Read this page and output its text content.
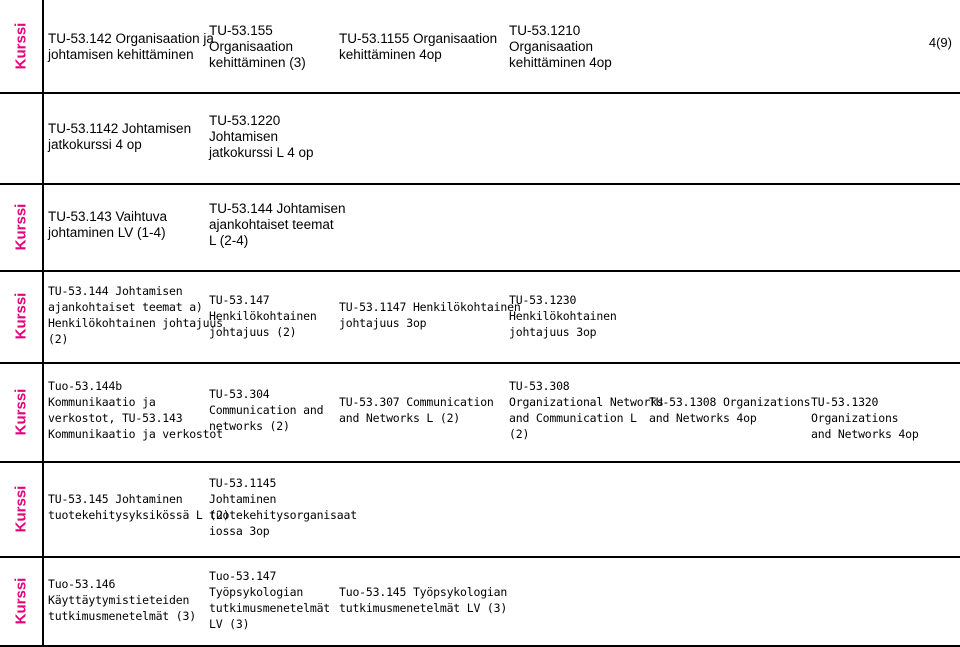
Kurssi TU-53.142 Organisaation ja
johtamisen kehittäminen
TU-53.155
Organisaation
kehittäminen (3)
TU-53.1155 Organisaation
kehittäminen 4op
TU-53.1210
Organisaation
kehittäminen 4op
4(9)
TU-53.1142 Johtamisen
jatkokurssi 4 op
TU-53.1220
Johtamisen
jatkokurssi L 4 op
Kurssi TU-53.143 Vaihtuva
johtaminen LV (1-4)
TU-53.144 Johtamisen
ajankohtaiset teemat
L (2-4)
Kurssi
TU-53.144 Johtamisen
ajankohtaiset teemat a)
Henkilökohtainen johtajuus
(2)
TU-53.147
Henkilökohtainen
johtajuus (2)
TU-53.1147 Henkilökohtainen
johtajuus 3op
TU-53.1230
Henkilökohtainen
johtajuus 3op
Kurssi
Tuo-53.144b
Kommunikaatio ja
verkostot, TU-53.143
Kommunikaatio ja verkostot
TU-53.304
Communication and
networks (2)
TU-53.307 Communication
and Networks L (2)
TU-53.308
Organizational Networks
and Communication L
(2)
TU-53.1308 Organizations
and Networks 4op
TU-53.1320 Organizations
and Networks 4op
Kurssi TU-53.145 Johtaminen
tuotekehitysyksikössä L (2)
TU-53.1145
Johtaminen
tuotekehitysorganisaat
iossa 3op
Kurssi Tuo-53.146
Käyttäytymistieteiden
tutkimusmenetelmät (3)
Tuo-53.147
Työpsykologian
tutkimusmenetelmät
LV (3)
Tuo-53.145 Työpsykologian
tutkimusmenetelmät LV (3)
